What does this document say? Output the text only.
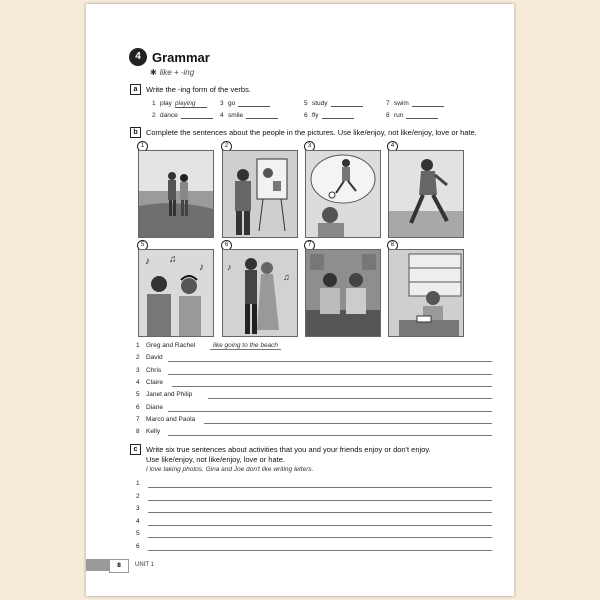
4 Grammar
✱ like + -ing
a	Write the -ing form of the verbs.
1 play playing	3 go	5 study	7 swim
2 dance	4 smile	6 fly	8 run
b	Complete the sentences about the people in the pictures. Use like/enjoy, not like/enjoy, love or hate.
1	2	3	4
5
♪ ♫
♪
6
♪
♫
7	8
1 Greg and Rachel	like going to the beach
2 David
3 Chris
4 Claire
5 Janet and Philip
6 Diane
7 Marco and Paola
8 Kelly
c	Write six true sentences about activities that you and your friends enjoy or don't enjoy.
Use like/enjoy, not like/enjoy, love or hate.
I love taking photos. Gina and Joe don't like writing letters.
1
2
3
4
5
6
8	UNIT 1
